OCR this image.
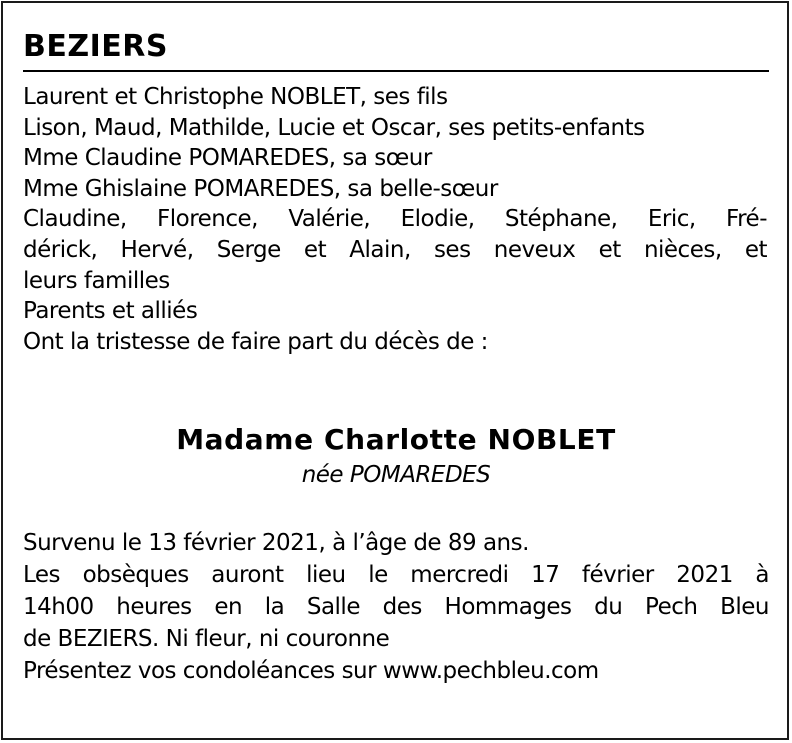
BEZIERS
Laurent et Christophe NOBLET, ses fils
Lison, Maud, Mathilde, Lucie et Oscar, ses petits-enfants
Mme Claudine POMAREDES, sa sœur
Mme Ghislaine POMAREDES, sa belle-sœur
Claudine, Florence, Valérie, Elodie, Stéphane, Eric, Fré-
dérick, Hervé, Serge et Alain, ses neveux et nièces, et
leurs familles
Parents et alliés
Ont la tristesse de faire part du décès de :

Madame Charlotte NOBLET

née POMAREDES

Survenu le 13 février 2021, à l’âge de 89 ans.
Les obsèques auront lieu le mercredi 17 février 2021 à
14h00 heures en la Salle des Hommages du Pech Bleu
de BEZIERS. Ni fleur, ni couronne
Présentez vos condoléances sur www.pechbleu.com
